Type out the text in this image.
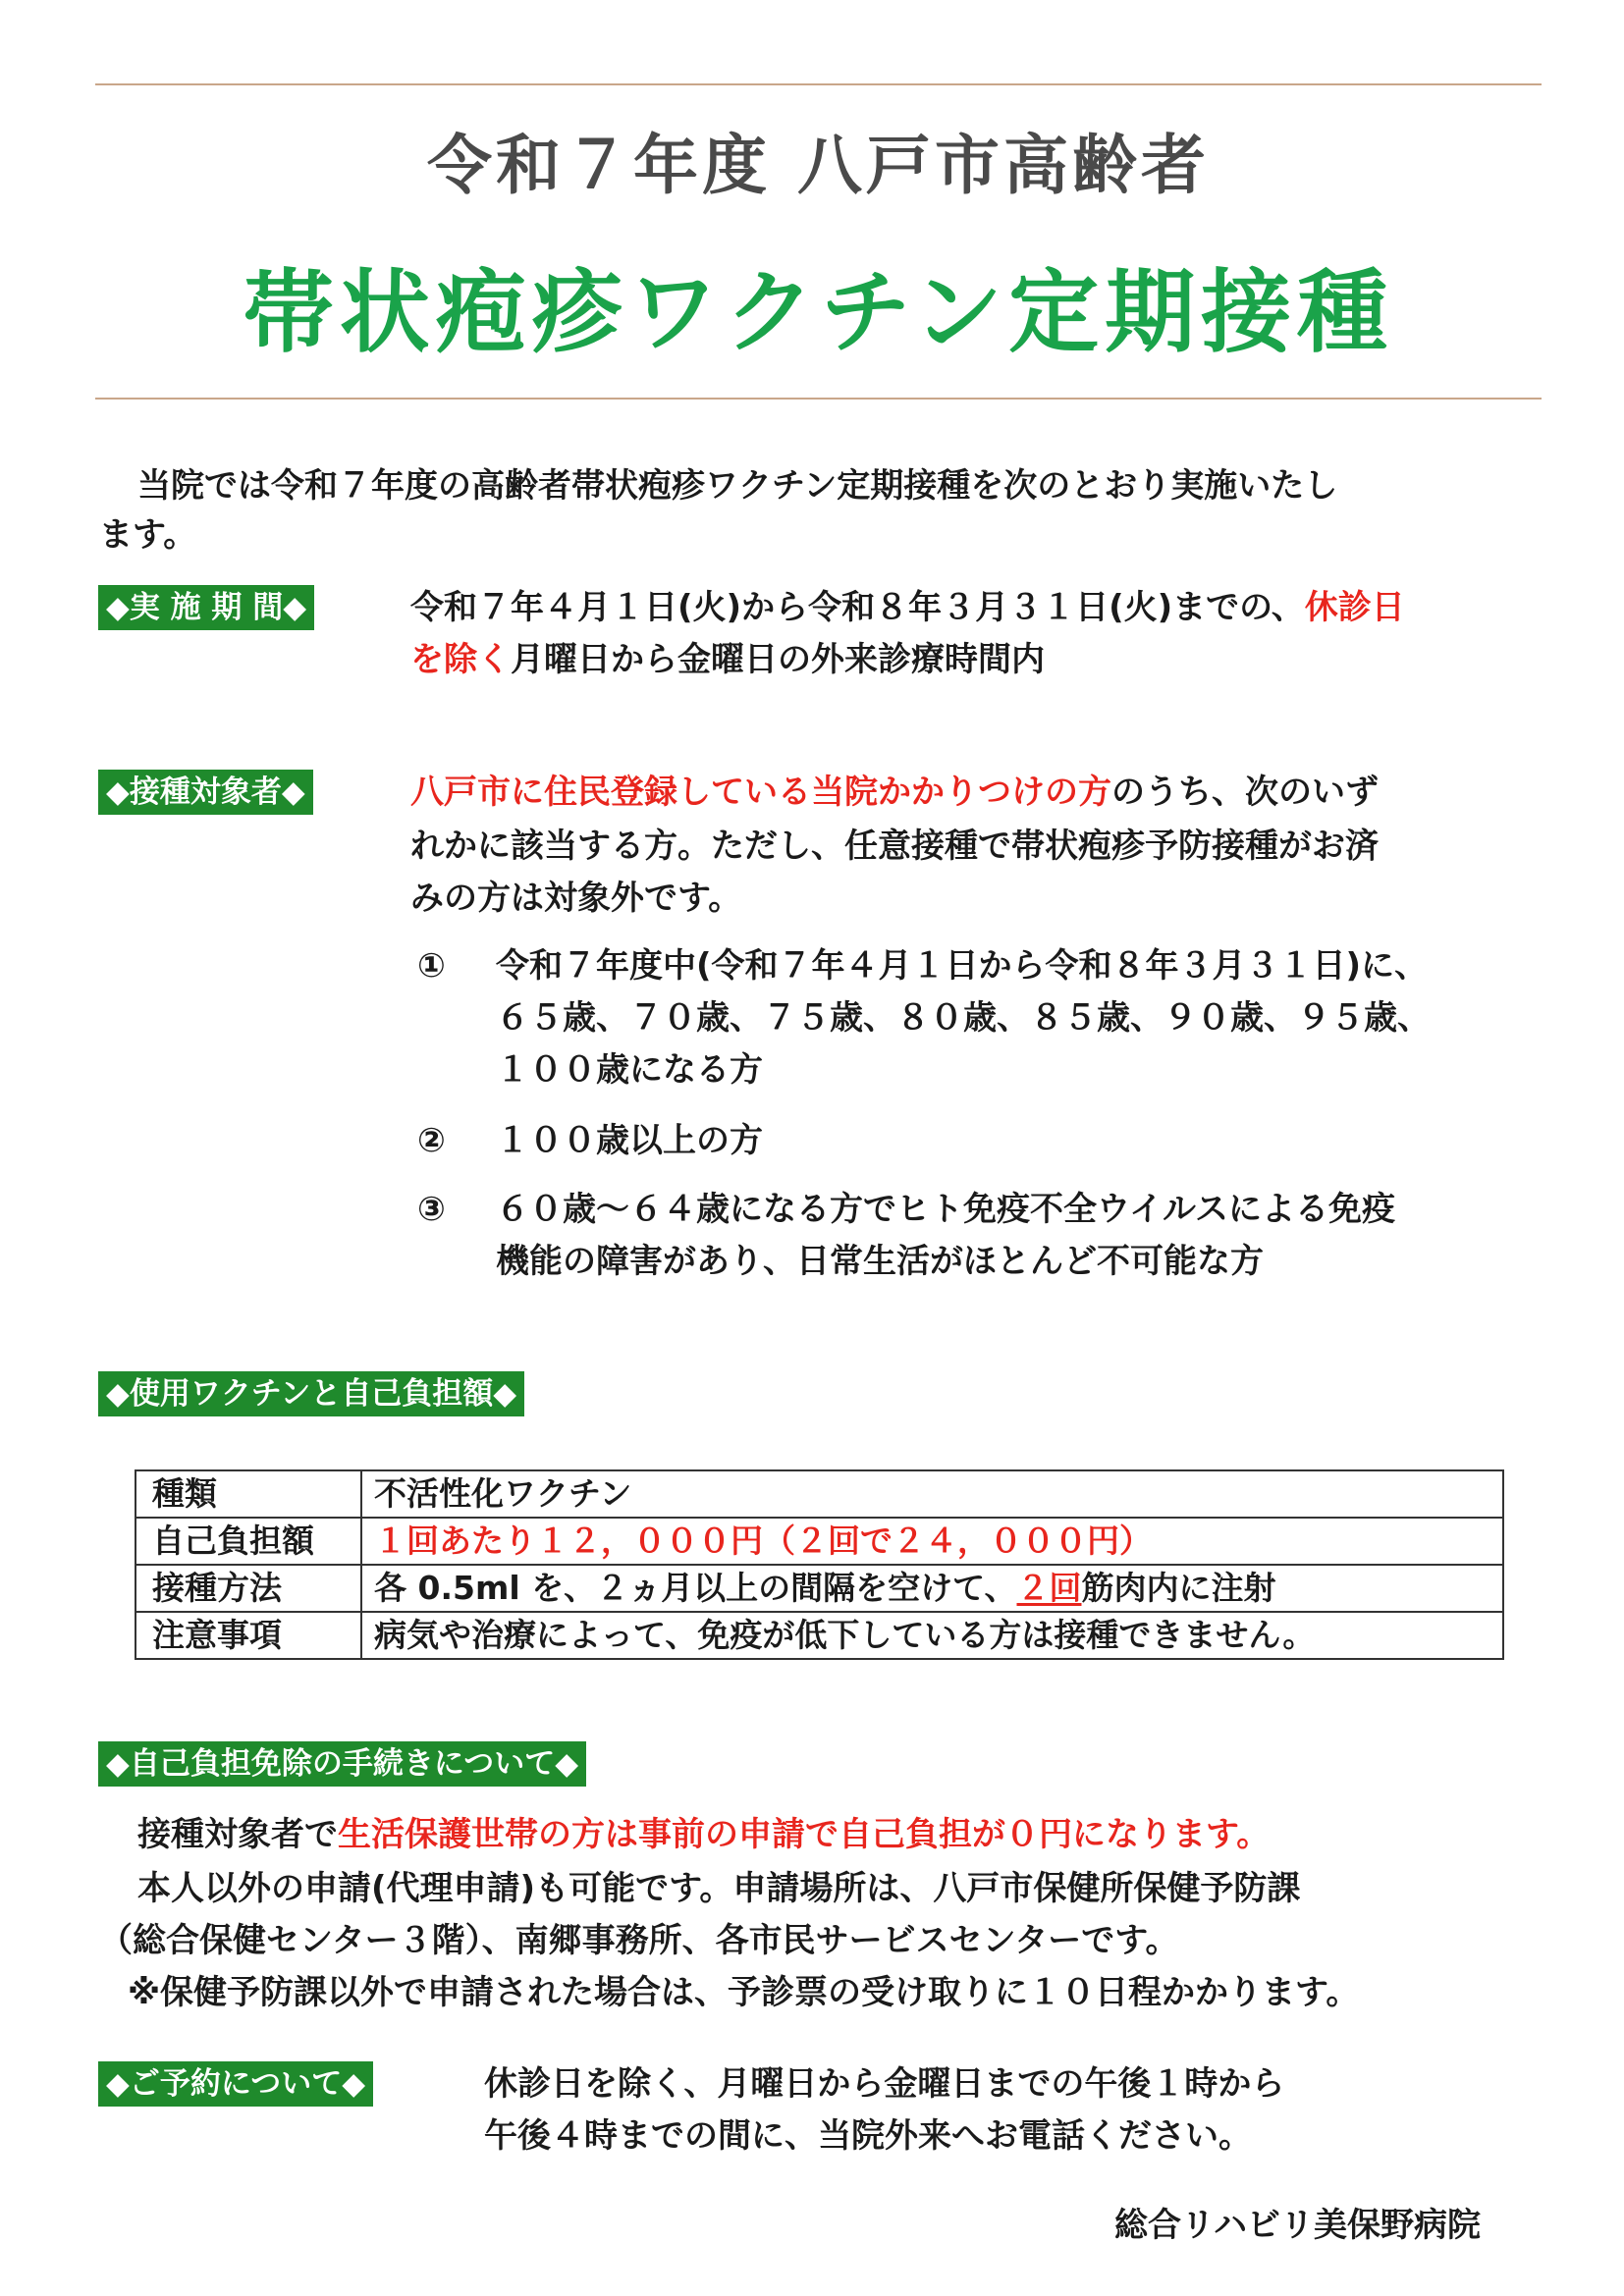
令和７年度 八戸市高齢者
帯状疱疹ワクチン定期接種
当院では令和７年度の高齢者帯状疱疹ワクチン定期接種を次のとおり実施いたし
ます。
◆実 施 期 間◆	令和７年４月１日(火)から令和８年３月３１日(火)までの、休診日
を除く月曜日から金曜日の外来診療時間内
◆接種対象者◆	八戸市に住民登録している当院かかりつけの方のうち、次のいず
れかに該当する方。ただし、任意接種で帯状疱疹予防接種がお済
みの方は対象外です。
① 令和７年度中(令和７年４月１日から令和８年３月３１日)に、
６５歳、７０歳、７５歳、８０歳、８５歳、９０歳、９５歳、
１００歳になる方
② １００歳以上の方
③ ６０歳～６４歳になる方でヒト免疫不全ウイルスによる免疫
機能の障害があり、日常生活がほとんど不可能な方
◆使用ワクチンと自己負担額◆
種類	不活性化ワクチン
自己負担額	１回あたり１２，０００円（２回で２４，０００円）
接種方法	各 0.5ml を、２ヵ月以上の間隔を空けて、２回筋肉内に注射
注意事項	病気や治療によって、免疫が低下している方は接種できません。
◆自己負担免除の手続きについて◆
接種対象者で生活保護世帯の方は事前の申請で自己負担が０円になります。
本人以外の申請(代理申請)も可能です。申請場所は、八戸市保健所保健予防課
（総合保健センター３階）、南郷事務所、各市民サービスセンターです。
※保健予防課以外で申請された場合は、予診票の受け取りに１０日程かかります。
◆ご予約について◆	休診日を除く、月曜日から金曜日までの午後１時から
午後４時までの間に、当院外来へお電話ください。
総合リハビリ美保野病院
